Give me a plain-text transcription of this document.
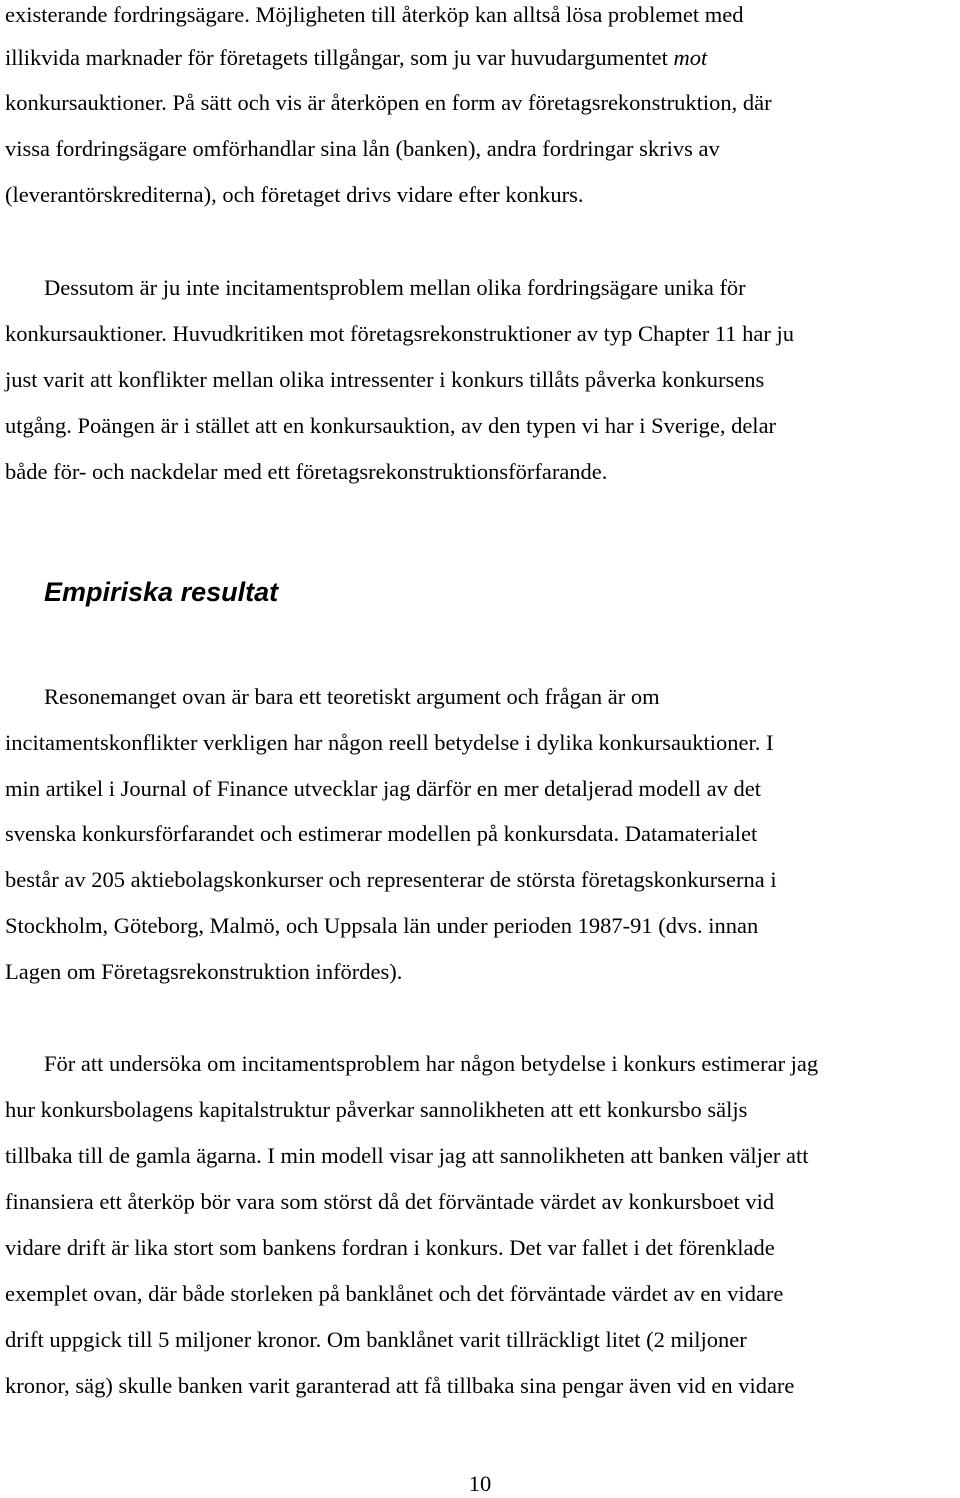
existerande fordringsägare. Möjligheten till återköp kan alltså lösa problemet med
illikvida marknader för företagets tillgångar, som ju var huvudargumentet mot
konkursauktioner. På sätt och vis är återköpen en form av företagsrekonstruktion, där
vissa fordringsägare omförhandlar sina lån (banken), andra fordringar skrivs av
(leverantörskrediterna), och företaget drivs vidare efter konkurs.
Dessutom är ju inte incitamentsproblem mellan olika fordringsägare unika för
konkursauktioner. Huvudkritiken mot företagsrekonstruktioner av typ Chapter 11 har ju
just varit att konflikter mellan olika intressenter i konkurs tillåts påverka konkursens
utgång. Poängen är i stället att en konkursauktion, av den typen vi har i Sverige, delar
både för- och nackdelar med ett företagsrekonstruktionsförfarande.
Empiriska resultat
Resonemanget ovan är bara ett teoretiskt argument och frågan är om
incitamentskonflikter verkligen har någon reell betydelse i dylika konkursauktioner. I
min artikel i Journal of Finance utvecklar jag därför en mer detaljerad modell av det
svenska konkursförfarandet och estimerar modellen på konkursdata. Datamaterialet
består av 205 aktiebolagskonkurser och representerar de största företagskonkurserna i
Stockholm, Göteborg, Malmö, och Uppsala län under perioden 1987-91 (dvs. innan
Lagen om Företagsrekonstruktion infördes).
För att undersöka om incitamentsproblem har någon betydelse i konkurs estimerar jag
hur konkursbolagens kapitalstruktur påverkar sannolikheten att ett konkursbo säljs
tillbaka till de gamla ägarna. I min modell visar jag att sannolikheten att banken väljer att
finansiera ett återköp bör vara som störst då det förväntade värdet av konkursboet vid
vidare drift är lika stort som bankens fordran i konkurs. Det var fallet i det förenklade
exemplet ovan, där både storleken på banklånet och det förväntade värdet av en vidare
drift uppgick till 5 miljoner kronor. Om banklånet varit tillräckligt litet (2 miljoner
kronor, säg) skulle banken varit garanterad att få tillbaka sina pengar även vid en vidare
10
